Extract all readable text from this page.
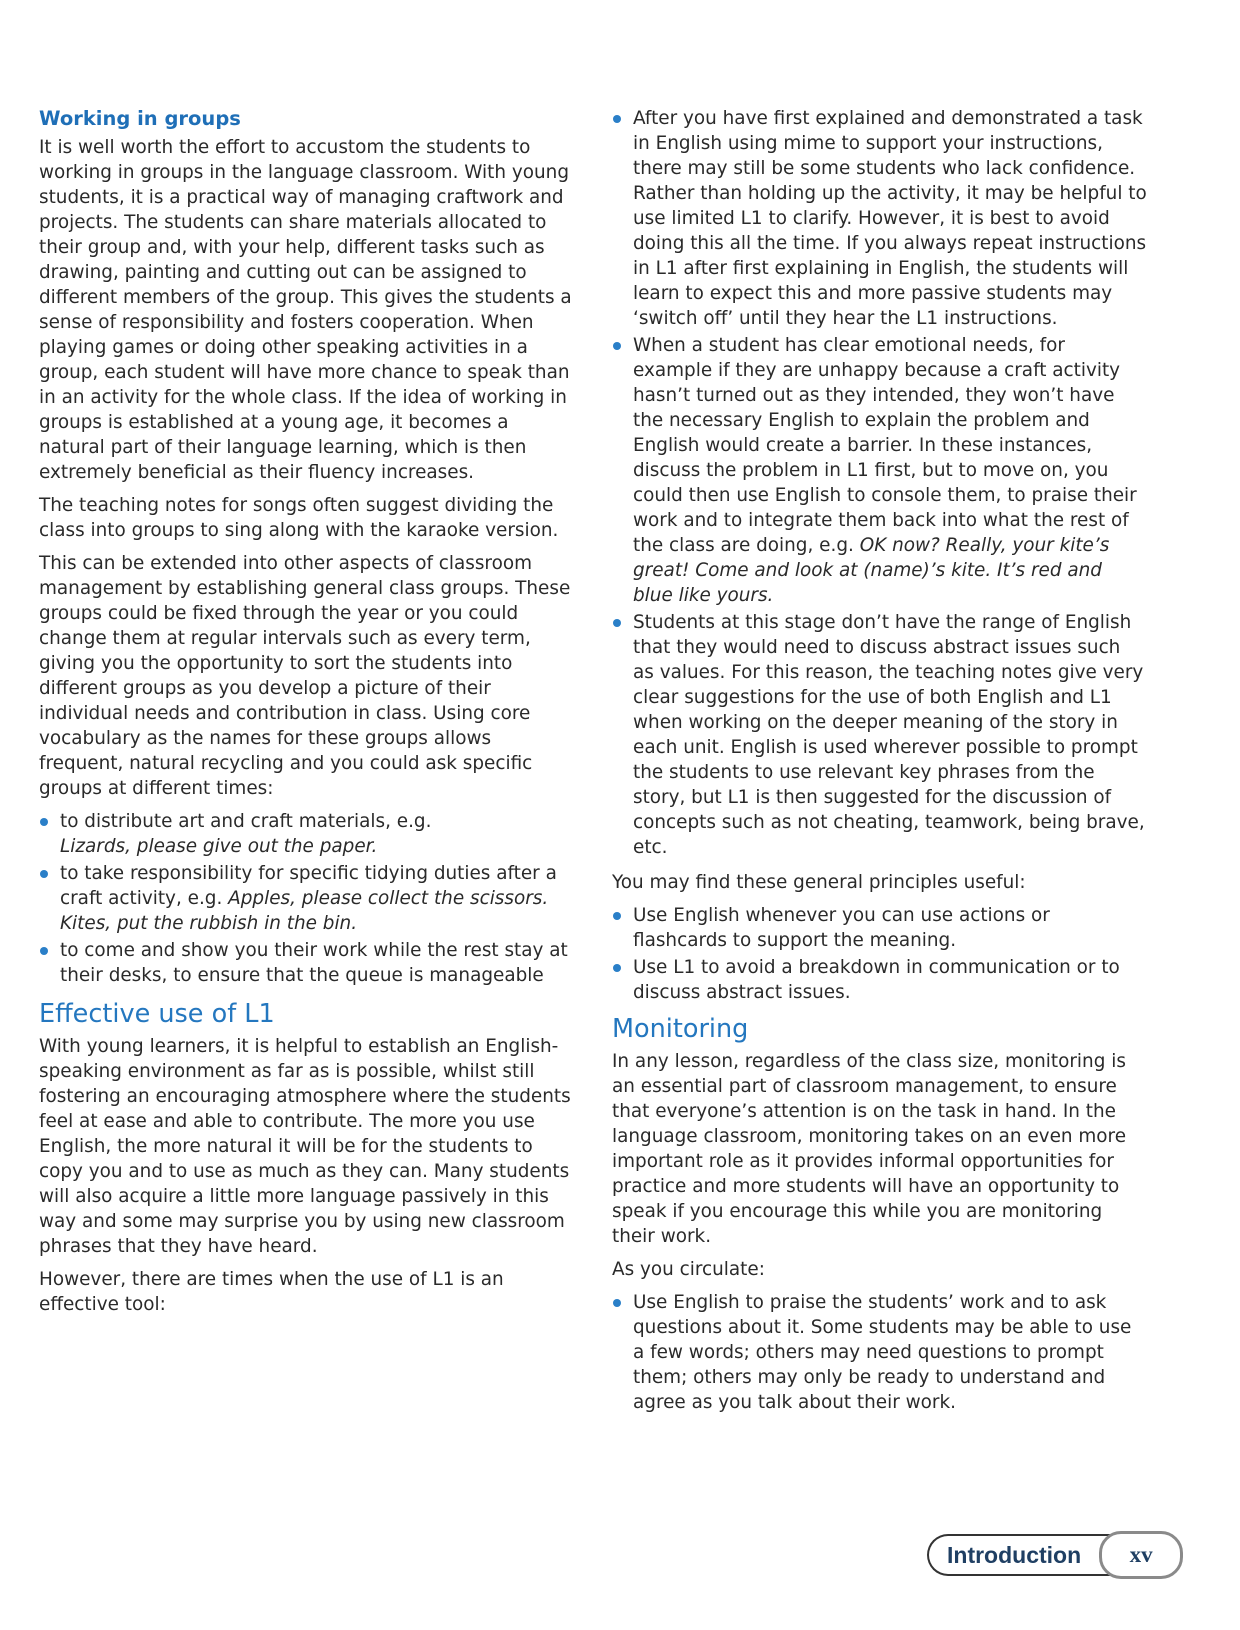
Working in groups

It is well worth the effort to accustom the students to working in groups in the language classroom. With young students, it is a practical way of managing craftwork and projects. The students can share materials allocated to their group and, with your help, different tasks such as drawing, painting and cutting out can be assigned to different members of the group. This gives the students a sense of responsibility and fosters cooperation. When playing games or doing other speaking activities in a group, each student will have more chance to speak than in an activity for the whole class. If the idea of working in groups is established at a young age, it becomes a natural part of their language learning, which is then extremely beneficial as their fluency increases.

The teaching notes for songs often suggest dividing the class into groups to sing along with the karaoke version.

This can be extended into other aspects of classroom management by establishing general class groups. These groups could be fixed through the year or you could change them at regular intervals such as every term, giving you the opportunity to sort the students into different groups as you develop a picture of their individual needs and contribution in class. Using core vocabulary as the names for these groups allows frequent, natural recycling and you could ask specific groups at different times:

to distribute art and craft materials, e.g.
Lizards, please give out the paper.
to take responsibility for specific tidying duties after a craft activity, e.g. Apples, please collect the scissors. Kites, put the rubbish in the bin.
to come and show you their work while the rest stay at their desks, to ensure that the queue is manageable
Effective use of L1

With young learners, it is helpful to establish an English-speaking environment as far as is possible, whilst still fostering an encouraging atmosphere where the students feel at ease and able to contribute. The more you use English, the more natural it will be for the students to copy you and to use as much as they can. Many students will also acquire a little more language passively in this way and some may surprise you by using new classroom phrases that they have heard.

However, there are times when the use of L1 is an effective tool:

After you have first explained and demonstrated a task in English using mime to support your instructions, there may still be some students who lack confidence. Rather than holding up the activity, it may be helpful to use limited L1 to clarify. However, it is best to avoid doing this all the time. If you always repeat instructions in L1 after first explaining in English, the students will learn to expect this and more passive students may ‘switch off’ until they hear the L1 instructions.
When a student has clear emotional needs, for example if they are unhappy because a craft activity hasn’t turned out as they intended, they won’t have the necessary English to explain the problem and English would create a barrier. In these instances, discuss the problem in L1 first, but to move on, you could then use English to console them, to praise their work and to integrate them back into what the rest of the class are doing, e.g. OK now? Really, your kite’s great! Come and look at (name)’s kite. It’s red and blue like yours.
Students at this stage don’t have the range of English that they would need to discuss abstract issues such as values. For this reason, the teaching notes give very clear suggestions for the use of both English and L1 when working on the deeper meaning of the story in each unit. English is used wherever possible to prompt the students to use relevant key phrases from the story, but L1 is then suggested for the discussion of concepts such as not cheating, teamwork, being brave, etc.

You may find these general principles useful:

Use English whenever you can use actions or flashcards to support the meaning.
Use L1 to avoid a breakdown in communication or to discuss abstract issues.
Monitoring

In any lesson, regardless of the class size, monitoring is an essential part of classroom management, to ensure that everyone’s attention is on the task in hand. In the language classroom, monitoring takes on an even more important role as it provides informal opportunities for practice and more students will have an opportunity to speak if you encourage this while you are monitoring their work.

As you circulate:

Use English to praise the students’ work and to ask questions about it. Some students may be able to use a few words; others may need questions to prompt them; others may only be ready to understand and agree as you talk about their work.
Introduction	xv
